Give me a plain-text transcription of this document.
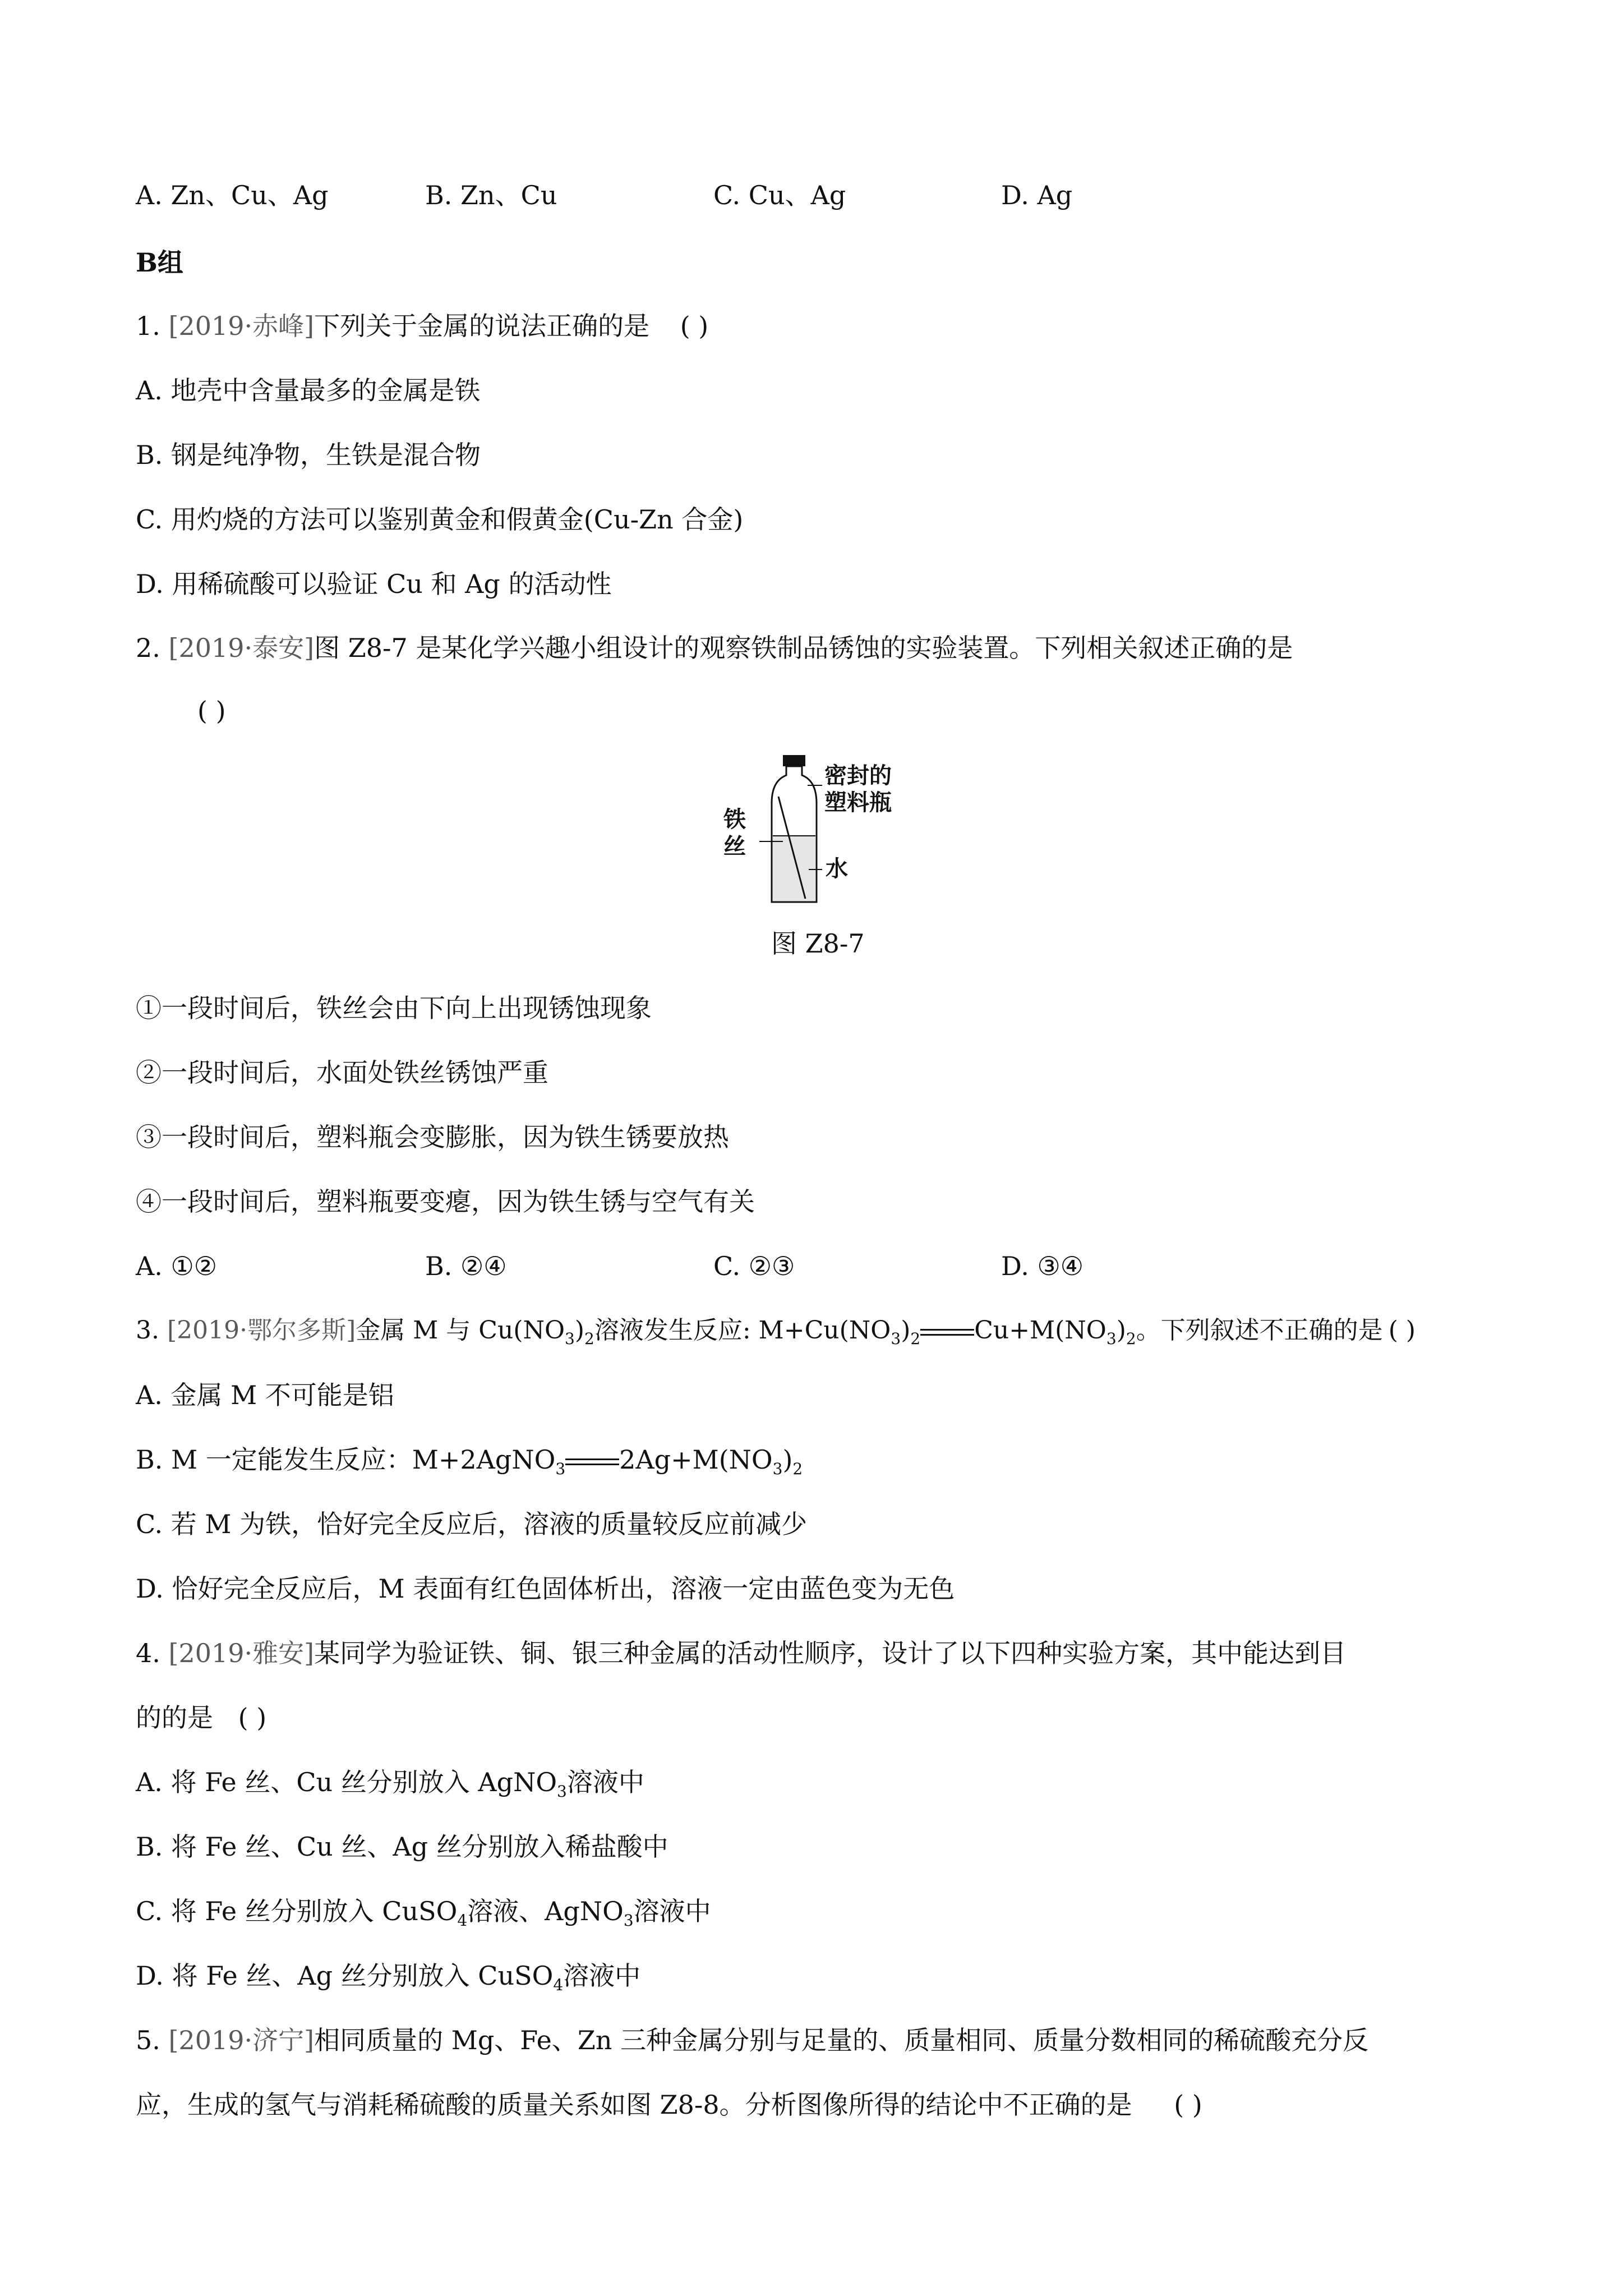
A. Zn、Cu、Ag	B. Zn、Cu	C. Cu、Ag	D. Ag
B组
1. [2019·赤峰]下列关于金属的说法正确的是 ( )
A. 地壳中含量最多的金属是铁
B. 钢是纯净物，生铁是混合物
C. 用灼烧的方法可以鉴别黄金和假黄金(Cu-Zn 合金)
D. 用稀硫酸可以验证 Cu 和 Ag 的活动性
2. [2019·泰安]图 Z8-7 是某化学兴趣小组设计的观察铁制品锈蚀的实验装置。下列相关叙述正确的是
( )
密封的
塑料瓶
铁
丝
水
图 Z8-7
①一段时间后，铁丝会由下向上出现锈蚀现象
②一段时间后，水面处铁丝锈蚀严重
③一段时间后，塑料瓶会变膨胀，因为铁生锈要放热
④一段时间后，塑料瓶要变瘪，因为铁生锈与空气有关
A. ①②	B. ②④	C. ②③	D. ③④
3. [2019·鄂尔多斯]金属 M 与 $Cu(NO_3)_2$溶液发生反应: $M+Cu(NO_3)_2$ $Cu+M(NO_3)_2$。下列叙述不正确的是 ( )
A. 金属 M 不可能是铝
B. M 一定能发生反应：M+2AgNO$_3$ $2Ag+M(NO_3)_2$
C. 若 M 为铁，恰好完全反应后，溶液的质量较反应前减少
D. 恰好完全反应后，M 表面有红色固体析出，溶液一定由蓝色变为无色
4. [2019·雅安]某同学为验证铁、铜、银三种金属的活动性顺序，设计了以下四种实验方案，其中能达到目
的的是 ( )
A. 将 Fe 丝、Cu 丝分别放入 AgNO$_3$溶液中
B. 将 Fe 丝、Cu 丝、Ag 丝分别放入稀盐酸中
C. 将 Fe 丝分别放入 CuSO$_4$溶液、AgNO$_3$溶液中
D. 将 Fe 丝、Ag 丝分别放入 CuSO$_4$溶液中
5. [2019·济宁]相同质量的 Mg、Fe、Zn 三种金属分别与足量的、质量相同、质量分数相同的稀硫酸充分反
应，生成的氢气与消耗稀硫酸的质量关系如图 Z8-8。分析图像所得的结论中不正确的是 ( )
